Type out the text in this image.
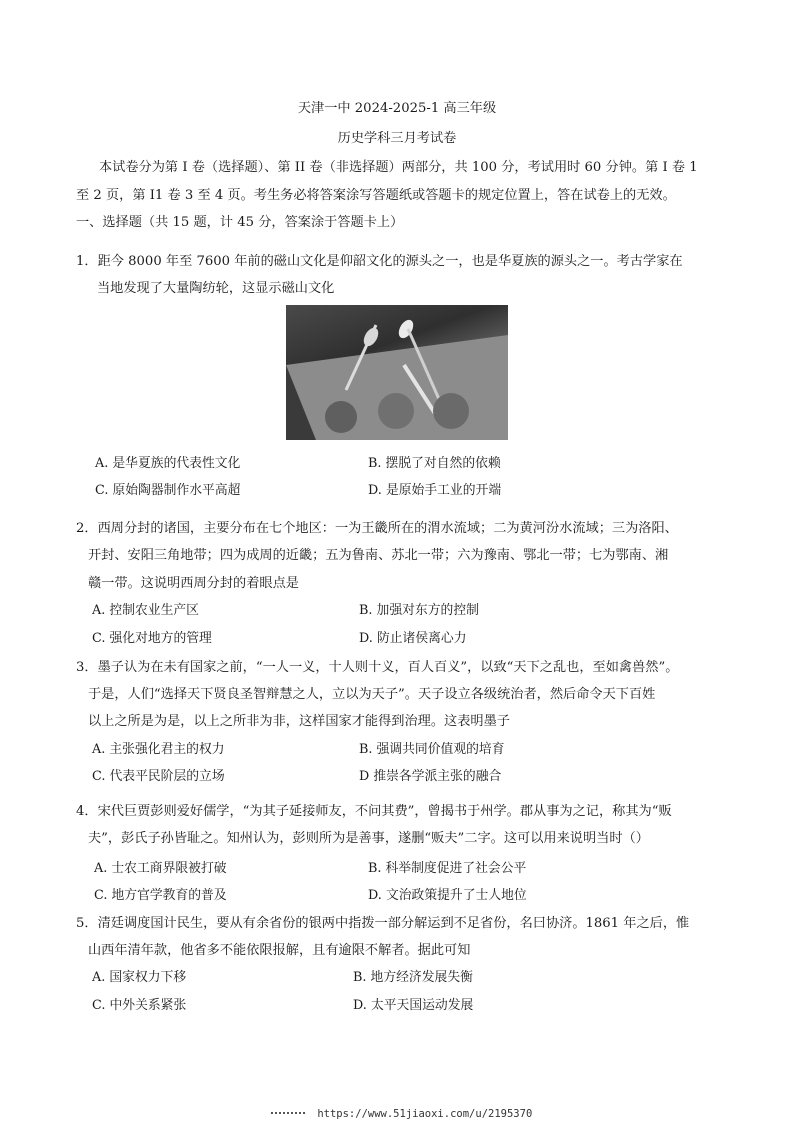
天津一中 2024-2025-1 高三年级
历史学科三月考试卷
本试卷分为第 I 卷（选择题）、第 II 卷（非选择题）两部分，共 100 分，考试用时 60 分钟。第 I 卷 1
至 2 页，第 I1 卷 3 至 4 页。考生务必将答案涂写答题纸或答题卡的规定位置上，答在试卷上的无效。
一、选择题（共 15 题，计 45 分，答案涂于答题卡上）
1．距今 8000 年至 7600 年前的磁山文化是仰韶文化的源头之一，也是华夏族的源头之一。考古学家在
当地发现了大量陶纺轮，这显示磁山文化
A. 是华夏族的代表性文化	B. 摆脱了对自然的依赖
C. 原始陶器制作水平高超	D. 是原始手工业的开端
2．西周分封的诸国，主要分布在七个地区：一为王畿所在的渭水流域；二为黄河汾水流域；三为洛阳、
开封、安阳三角地带；四为成周的近畿；五为鲁南、苏北一带；六为豫南、鄂北一带；七为鄂南、湘
赣一带。这说明西周分封的着眼点是
A. 控制农业生产区	B. 加强对东方的控制
C. 强化对地方的管理	D. 防止诸侯离心力
3．墨子认为在未有国家之前，“一人一义，十人则十义，百人百义”，以致“天下之乱也，至如禽兽然”。
于是，人们“选择天下贤良圣智辩慧之人，立以为天子”。天子设立各级统治者，然后命令天下百姓
以上之所是为是，以上之所非为非，这样国家才能得到治理。这表明墨子
A. 主张强化君主的权力	B. 强调共同价值观的培育
C. 代表平民阶层的立场	D 推崇各学派主张的融合
4．宋代巨贾彭则爱好儒学，“为其子延接师友，不问其费”，曾揭书于州学。郡从事为之记，称其为“贩
夫”，彭氏子孙皆耻之。知州认为，彭则所为是善事，遂删“贩夫”二字。这可以用来说明当时（）
A. 士农工商界限被打破	B. 科举制度促进了社会公平
C. 地方官学教育的普及	D. 文治政策提升了士人地位
5．清廷调度国计民生，要从有余省份的银两中指拨一部分解运到不足省份，名曰协济。1861 年之后，惟
山西年清年款，他省多不能依限报解，且有逾限不解者。据此可知
A. 国家权力下移	B. 地方经济发展失衡
C. 中外关系紧张	D. 太平天国运动发展
https://www.51jiaoxi.com/u/2195370
